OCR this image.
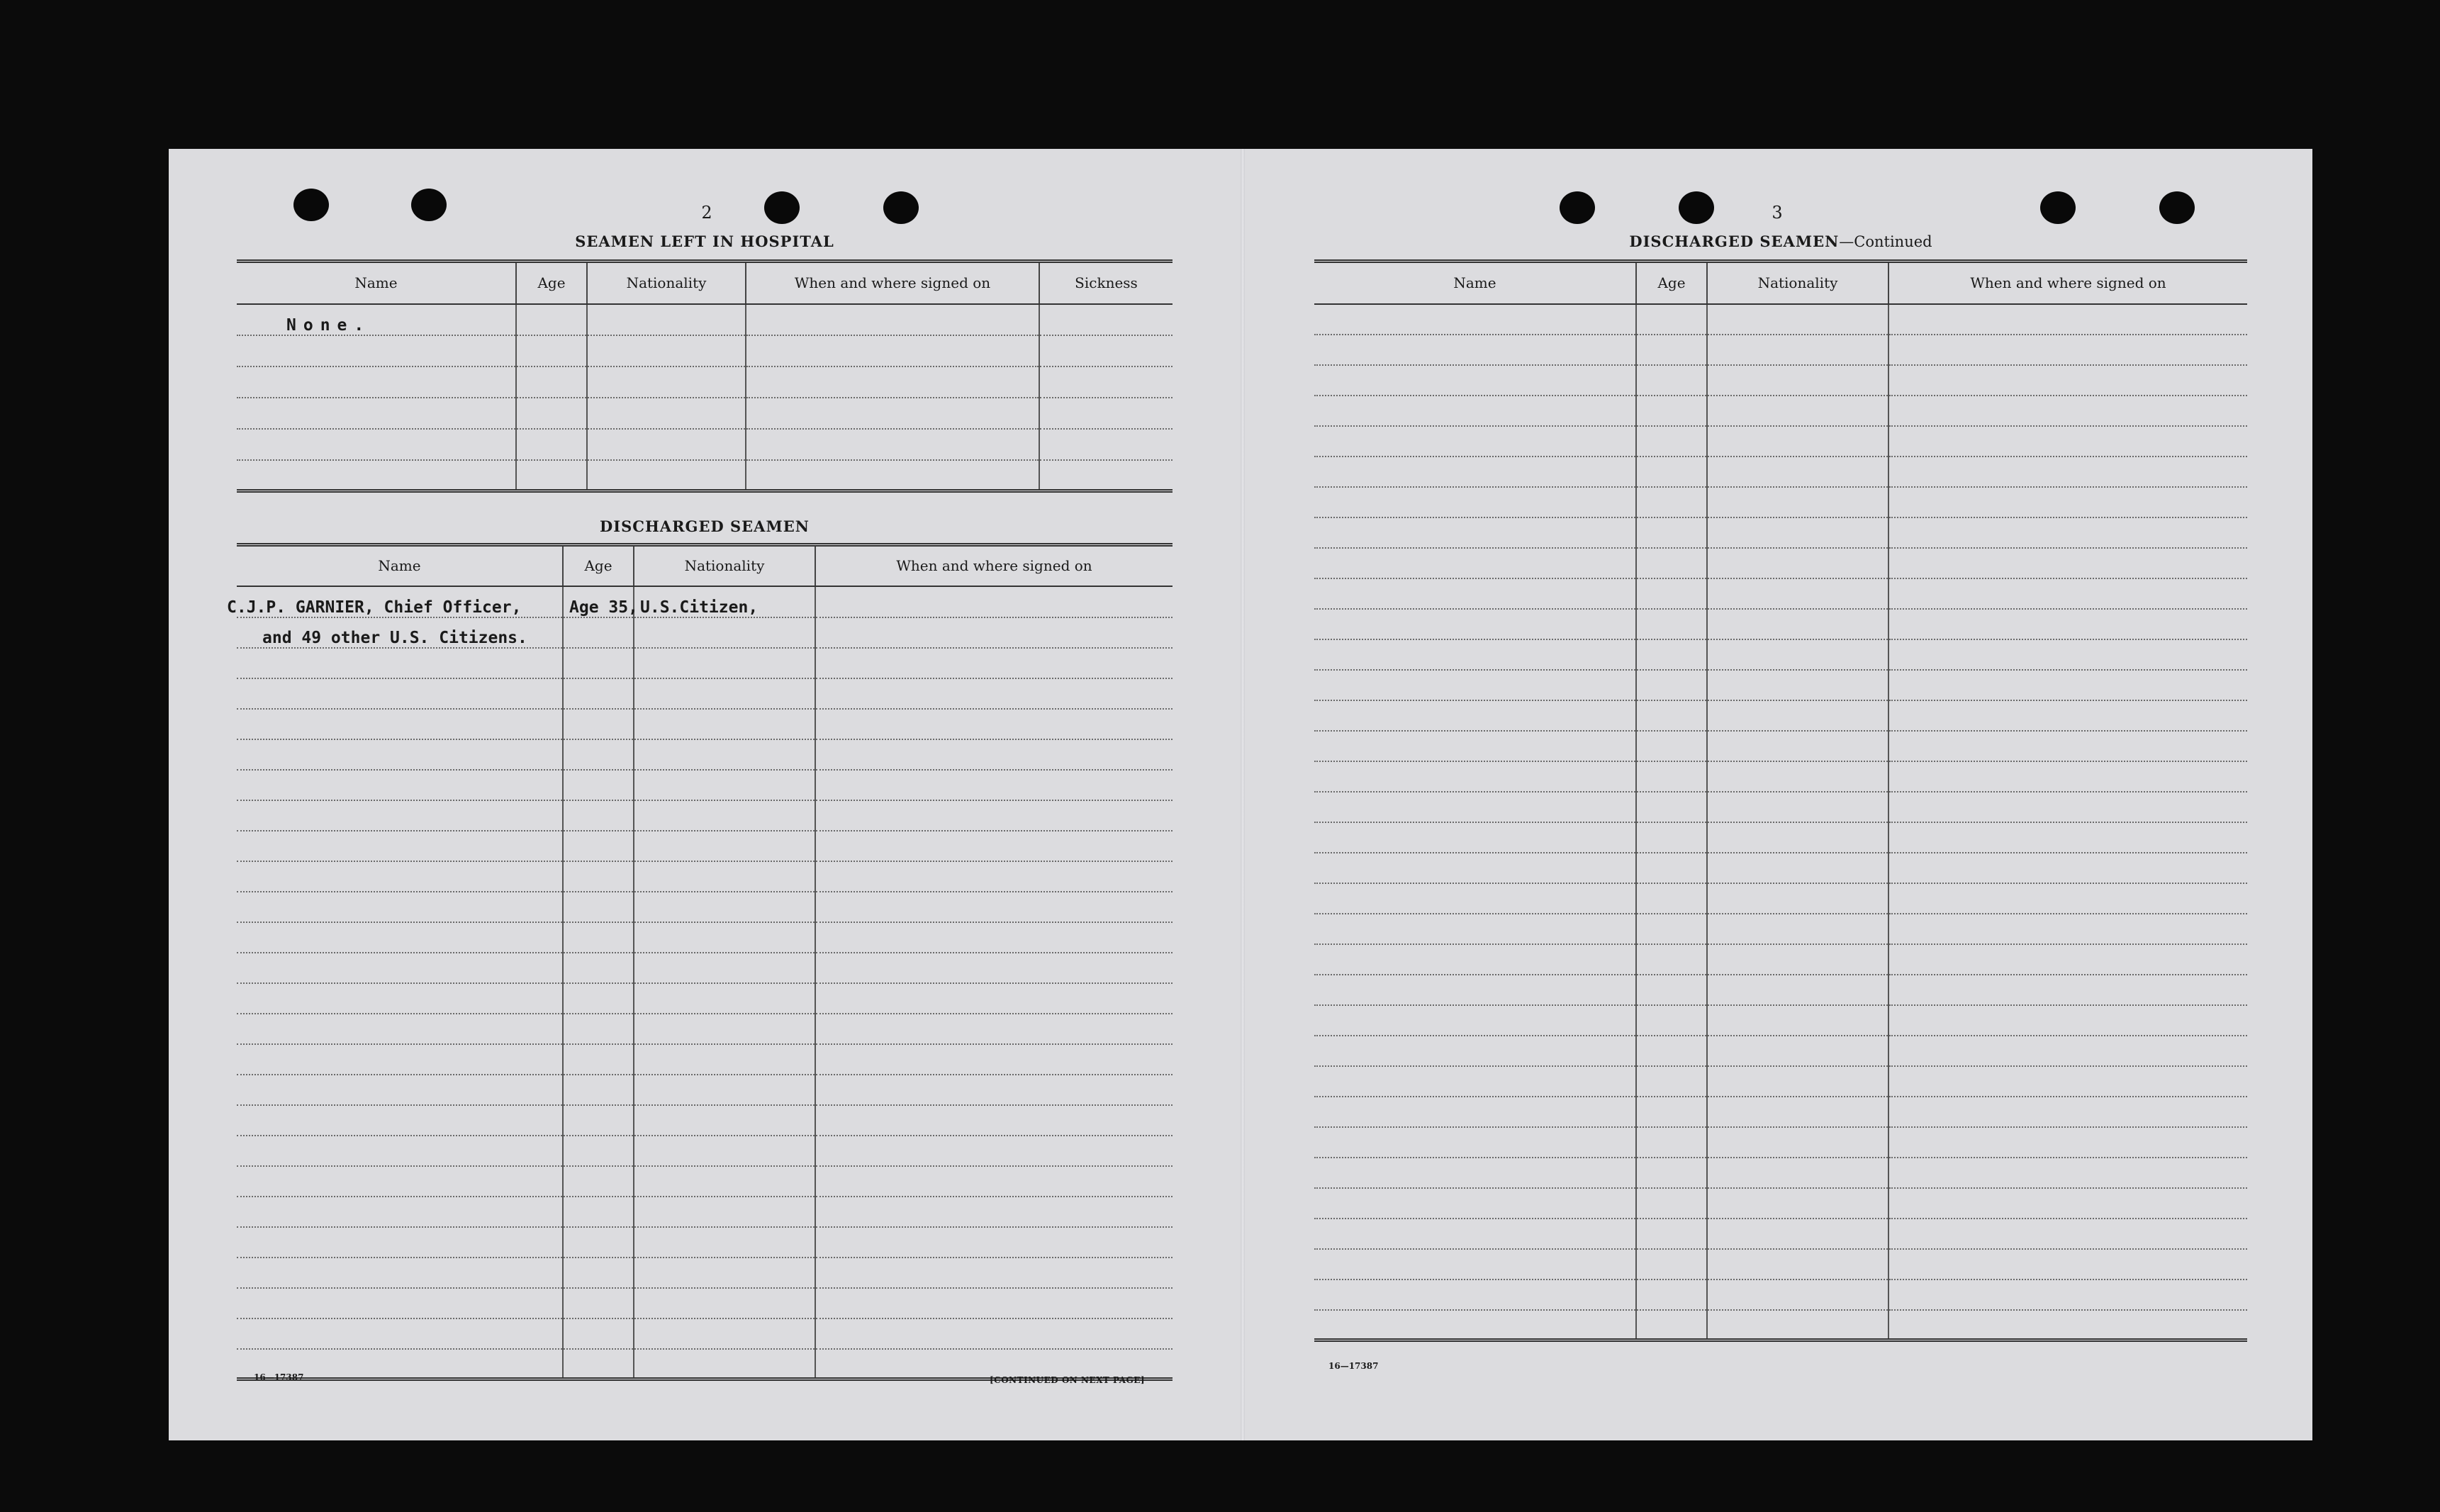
2
SEAMEN LEFT IN HOSPITAL
Name	Age	Nationality	When and where signed on	Sickness
None.				

DISCHARGED SEAMEN
Name	Age	Nationality	When and where signed on
C.J.P. GARNIER, Chief Officer,	Age 35,	U.S.Citizen,	
and 49 other U.S. Citizens.			

16—17387	[CONTINUED ON NEXT PAGE]
3
DISCHARGED SEAMEN—Continued
Name	Age	Nationality	When and where signed on

16—17387
